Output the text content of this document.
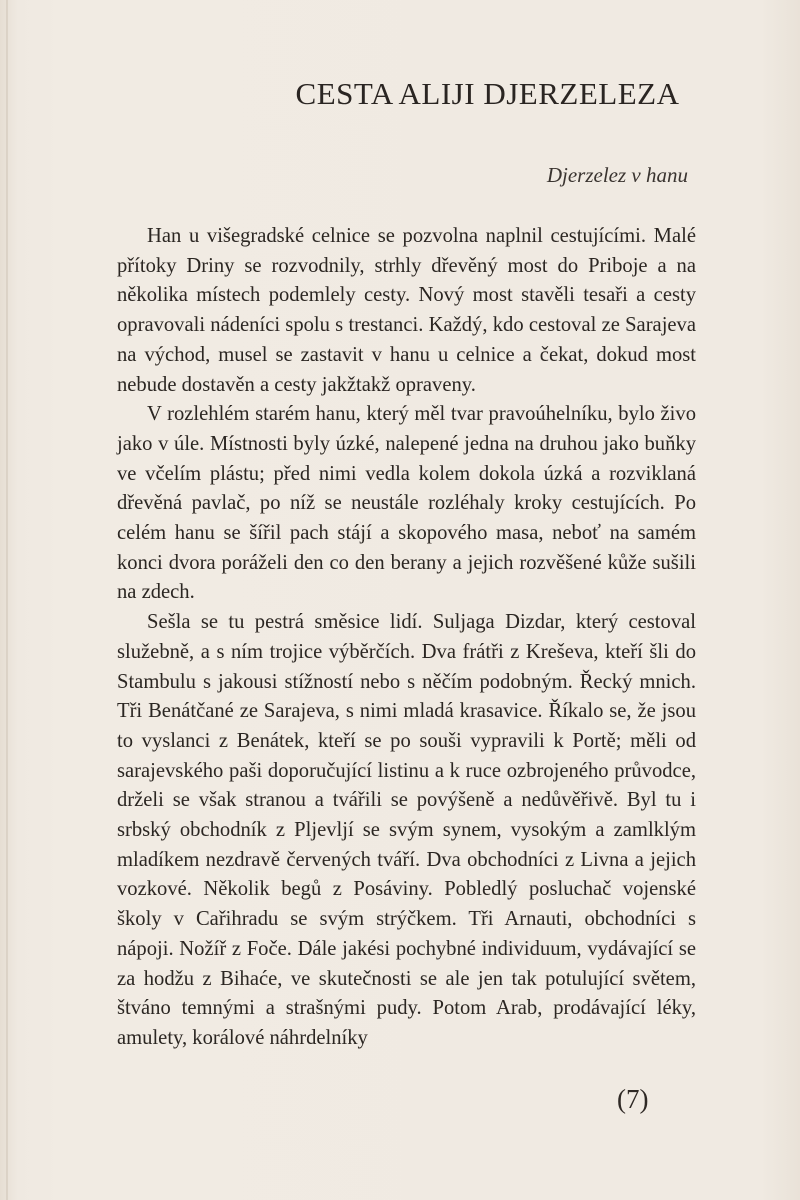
CESTA ALIJI DJERZELEZA

Djerzelez v hanu

Han u višegradské celnice se pozvolna naplnil cestujícími. Malé přítoky Driny se rozvodnily, strhly dřevěný most do Priboje a na několika místech podemlely cesty. Nový most stavěli tesaři a cesty opravovali nádeníci spolu s trestanci. Každý, kdo cestoval ze Sarajeva na východ, musel se zastavit v hanu u celnice a čekat, dokud most nebude dostavěn a cesty jakžtakž opraveny.

V rozlehlém starém hanu, který měl tvar pravoúhelníku, bylo živo jako v úle. Místnosti byly úzké, nalepené jedna na druhou jako buňky ve včelím plástu; před nimi vedla kolem dokola úzká a rozviklaná dřevěná pavlač, po níž se neustále rozléhaly kroky cestujících. Po celém hanu se šířil pach stájí a skopového masa, neboť na samém konci dvora poráželi den co den berany a jejich rozvěšené kůže sušili na zdech.

Sešla se tu pestrá směsice lidí. Suljaga Dizdar, který cestoval služebně, a s ním trojice výběrčích. Dva frátři z Kreševa, kteří šli do Stambulu s jakousi stížností nebo s něčím podobným. Řecký mnich. Tři Benátčané ze Sarajeva, s nimi mladá krasavice. Říkalo se, že jsou to vyslanci z Benátek, kteří se po souši vypravili k Portě; měli od sarajevského paši doporučující listinu a k ruce ozbrojeného průvodce, drželi se však stranou a tvářili se povýšeně a nedůvěřivě. Byl tu i srbský obchodník z Pljevljí se svým synem, vysokým a zamlklým mladíkem nezdravě červených tváří. Dva obchodníci z Livna a jejich vozkové. Několik begů z Posáviny. Pobledlý posluchač vojenské školy v Cařihradu se svým strýčkem. Tři Arnauti, obchodníci s nápoji. Nožíř z Foče. Dále jakési pochybné individuum, vydávající se za hodžu z Bihaće, ve skutečnosti se ale jen tak potulující světem, štváno temnými a strašnými pudy. Potom Arab, prodávající léky, amulety, korálové náhrdelníky

(7)
